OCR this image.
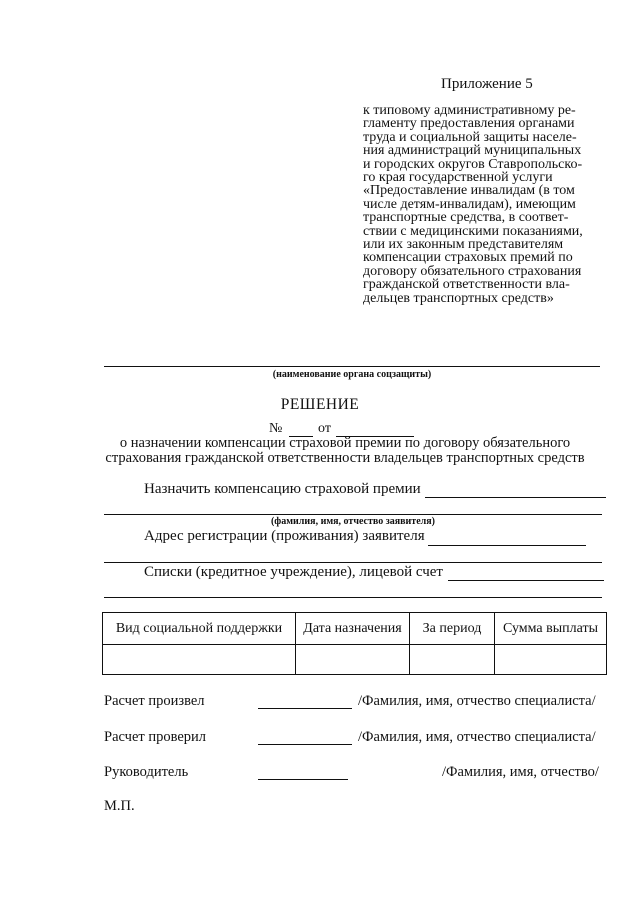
Приложение 5
к типовому административному ре-
гламенту предоставления органами
труда и социальной защиты населе-
ния администраций муниципальных
и городских округов Ставропольско-
го края государственной услуги
«Предоставление инвалидам (в том
числе детям-инвалидам), имеющим
транспортные средства, в соответ-
ствии с медицинскими показаниями,
или их законным представителям
компенсации страховых премий по
договору обязательного страхования
гражданской ответственности вла-
дельцев транспортных средств»
(наименование органа соцзащиты)
РЕШЕНИЕ
№	от
о назначении компенсации страховой премии по договору обязательного
страхования гражданской ответственности владельцев транспортных средств
Назначить компенсацию страховой премии
(фамилия, имя, отчество заявителя)
Адрес регистрации (проживания) заявителя
Списки (кредитное учреждение), лицевой счет
Вид социальной поддержки	Дата назначения	За период	Сумма выплаты

Расчет произвел	/Фамилия, имя, отчество специалиста/
Расчет проверил	/Фамилия, имя, отчество специалиста/
Руководитель	/Фамилия, имя, отчество/
М.П.
